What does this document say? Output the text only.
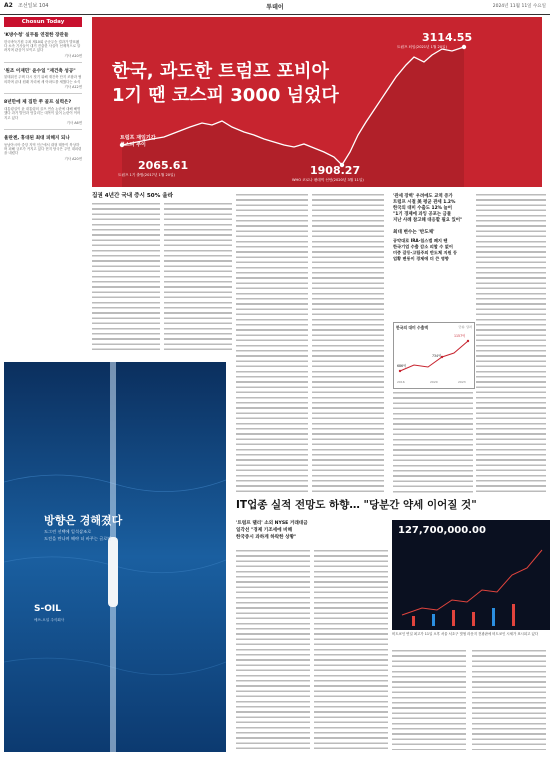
A2 조선일보 104	투데이	2024년 11월 11일 수요일
Chosun Today
'K방수청' 실무를 연결한 장관들
한국바둑기원 주최 제10회 준준우승 결과가 발표됐다 소속 기사들이 대거 진출한 사실이 선제적으로 알려지며 관심이 모이고 있다
기사 A10면
'원조 이재민' 윤수일 "재건축 성공"
불태워진 주택 다시 짓기 위해 재건축 단지 조합과 협의하며 끝내 원래 자리에 새 아파트를 세웠다는 소식
기사 A12면
8년만에 제 집만 쭈 골프 실력은?
대통령실이 윤 대통령의 골프 연습 논란에 대해 해명했다 과거 발언과 엇갈리는 대목이 있어 논란이 이어지고 있다
기사 A6면
울란젠, 휴대된 최대 피해지 되나
동남아시아 중앙 지역 인근에서 대형 태풍이 북상하며 피해 규모가 커지고 있다 현지 당국은 주민 대피령을 내렸다
기사 A20면
한국, 과도한 트럼프 포비아
1기 땐 코스피 3000 넘었다
3114.55
트럼프 퇴임(2021년 1월 20일)
트럼프 재임기간
코스피 추이
2065.61
트럼프 1기 출범(2017년 1월 20일)	1908.27
WHO 코로나 팬데믹 선언(2020년 3월 11일)
집권 4년간 국내 증시 50% 올라	'관세 장벽' 우려에도 교역 증가
트럼프 시절 美 평균 관세 1.2%
한국의 대미 수출도 12% 늘어
"1기 경제에 과잉 공포는 금물
지난 사례 참고해 대응할 필요 있어"
최대 변수는 '반도체'
공약대로 IRA·칩스법 폐지 땐
한국기업 수출 감소 피할 수 없어
미중 갈등·고립주의 반도체 지원 등
업황 변동이 경제에 더 큰 영향
한국의 대미 수출액	단위: 달러
686억
734억
1157억
2016	2020	2023
방향은 경해졌다
도그린 선택에 일석삼조로
도전을 만나며 해야 더 바꾸는 글로벌
S-OIL
에쓰-오일 주식회사
IT업종 실적 전망도 하향… "당분간 약세 이어질 것"
'트럼프 랠리' 소외 NYSE 거래대금
일각선 "경제 기조세에 비해
한국증시 과하게 하락한 상황"
127,700,000.00
비트코인 연일 최고가 11일 오후 서울 서초구 빗썸 라운지 전광판에 비트코인 시세가 표시되고 있다
